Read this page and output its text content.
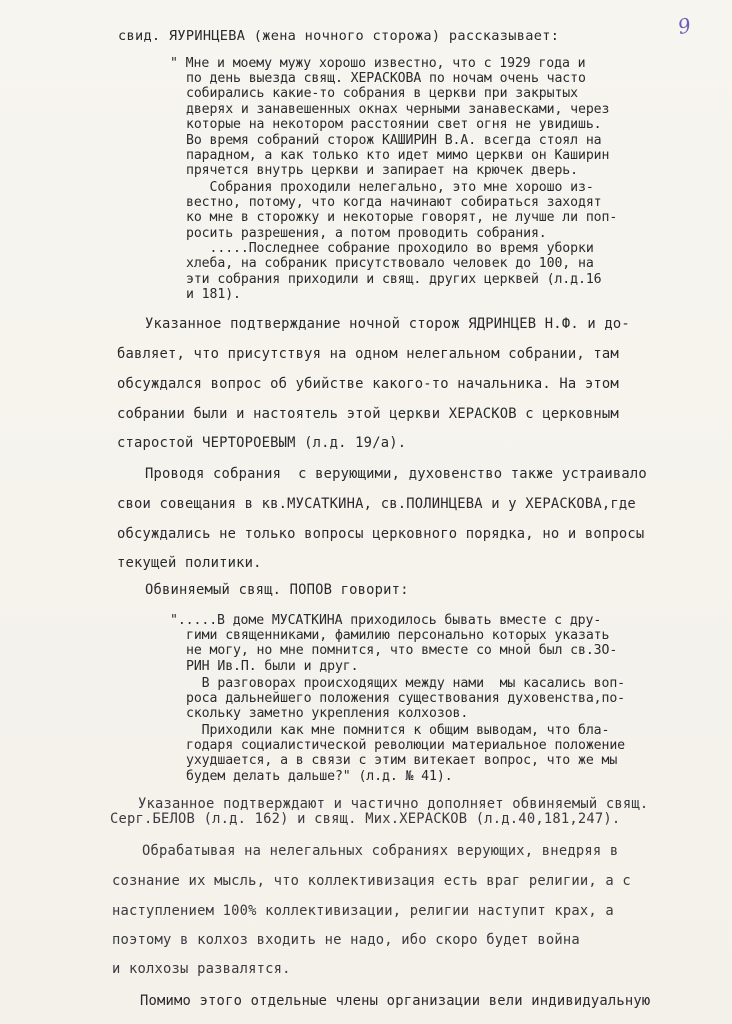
9

свид. ЯУРИНЦЕВА (жена ночного сторожа) рассказывает:

" Мне и моему мужу хорошо известно, что с 1929 года и

по день выезда свящ. ХЕРАСКОВА по ночам очень часто

собирались какие-то собрания в церкви при закрытых

дверях и занавешенных окнах черными занавесками, через

которые на некотором расстоянии свет огня не увидишь.

Во время собраний сторож КАШИРИН В.А. всегда стоял на

парадном, а как только кто идет мимо церкви он Каширин

прячется внутрь церкви и запирает на крючек дверь.

Собрания проходили нелегально, это мне хорошо из-

вестно, потому, что когда начинают собираться заходят

ко мне в сторожку и некоторые говорят, не лучше ли поп-

росить разрешения, а потом проводить собрания.

.....Последнее собрание проходило во время уборки

хлеба, на собраник присутствовало человек до 100, на

эти собрания приходили и свящ. других церквей (л.д.16

и 181).

Указанное подтверждание ночной сторож ЯДРИНЦЕВ Н.Ф. и до-

бавляет, что присутствуя на одном нелегальном собрании, там

обсуждался вопрос об убийстве какого-то начальника. На этом

собрании были и настоятель этой церкви ХЕРАСКОВ с церковным

старостой ЧЕРТОРОЕВЫМ (л.д. 19/а).

Проводя собрания  с верующими, духовенство также устраивало

свои совещания в кв.МУСАТКИНА, св.ПОЛИНЦЕВА и у ХЕРАСКОВА,где

обсуждались не только вопросы церковного порядка, но и вопросы

текущей политики.

Обвиняемый свящ. ПОПОВ говорит:

".....В доме МУСАТКИНА приходилось бывать вместе с дру-

гими священниками, фамилию персонально которых указать

не могу, но мне помнится, что вместе со мной был св.ЗО-

РИН Ив.П. были и друг.

В разговорах происходящих между нами  мы касались воп-

роса дальнейшего положения существования духовенства,по-

скольку заметно укрепления колхозов.

Приходили как мне помнится к общим выводам, что бла-

годаря социалистической революции материальное положение

ухудшается, а в связи с этим витекает вопрос, что же мы

будем делать дальше?" (л.д. № 41).

Указанное подтверждают и частично дополняет обвиняемый свящ.

Серг.БЕЛОВ (л.д. 162) и свящ. Мих.ХЕРАСКОВ (л.д.40,181,247).

Обрабатывая на нелегальных собраниях верующих, внедряя в

сознание их мысль, что коллективизация есть враг религии, а с

наступлением 100% коллективизации, религии наступит крах, а

поэтому в колхоз входить не надо, ибо скоро будет война

и колхозы развалятся.

Помимо этого отдельные члены организации вели индивидуальную
